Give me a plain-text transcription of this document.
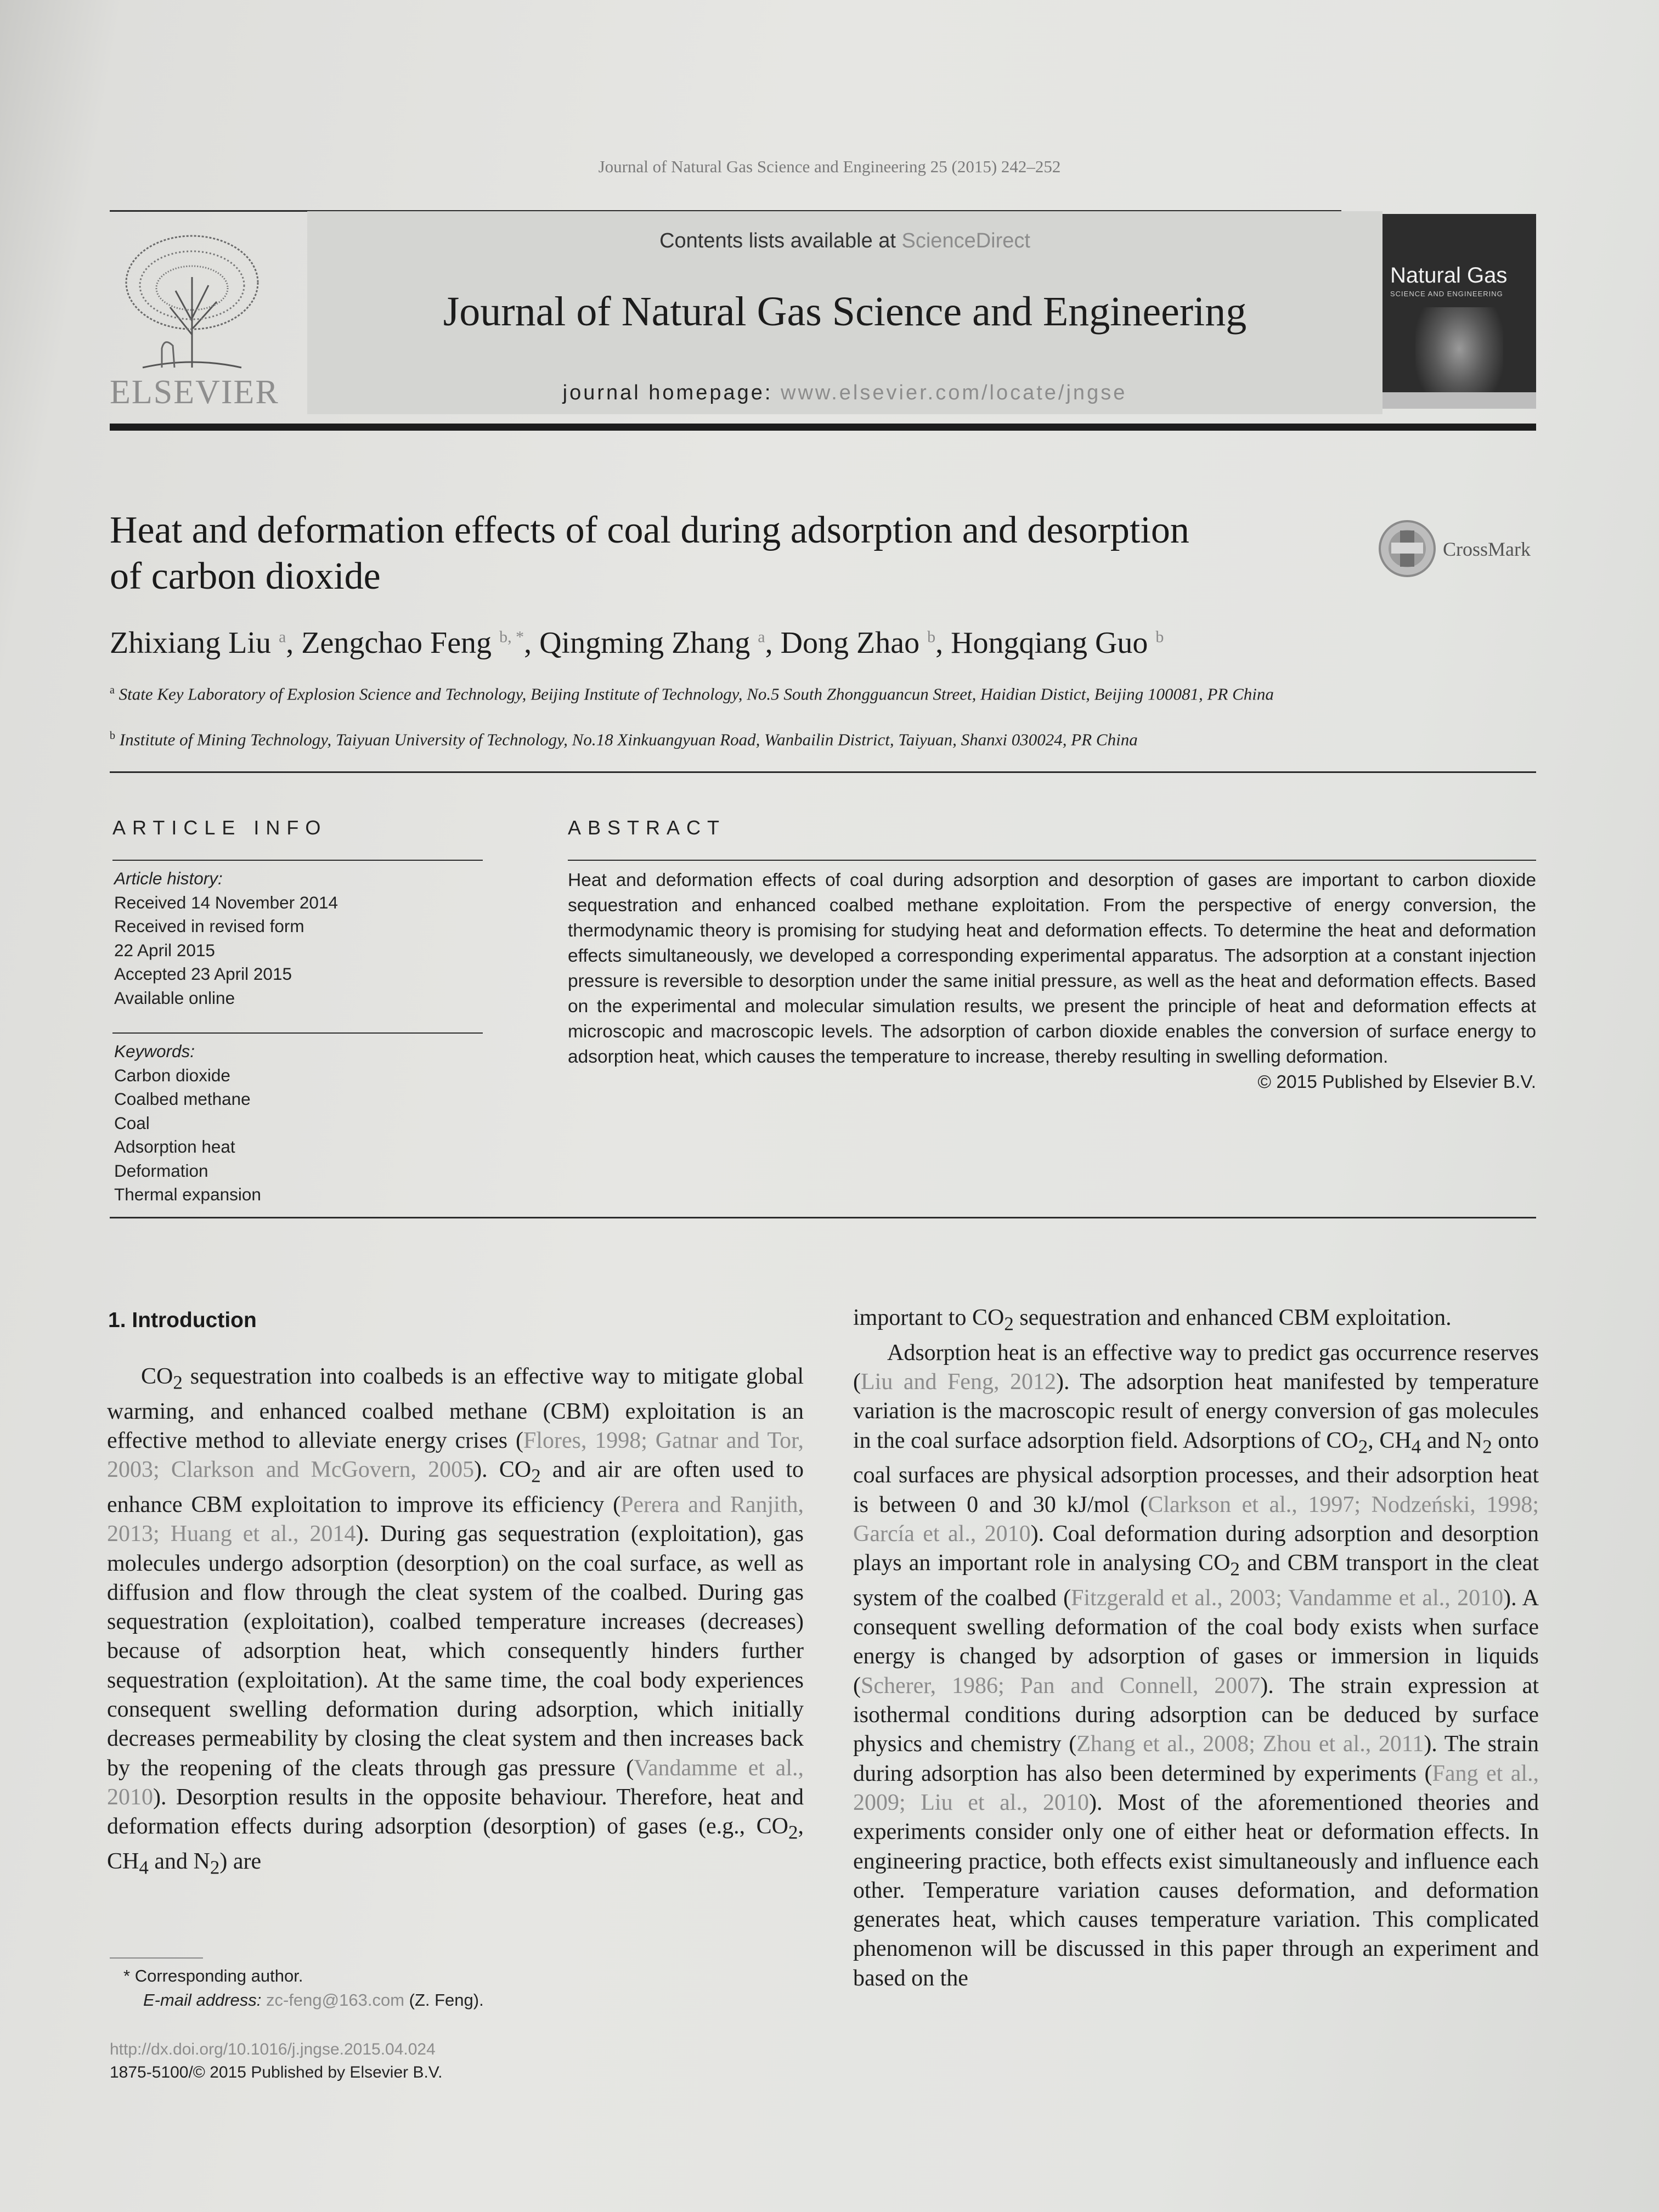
Journal of Natural Gas Science and Engineering 25 (2015) 242–252
ELSEVIER
Contents lists available at ScienceDirect
Journal of Natural Gas Science and Engineering
journal homepage: www.elsevier.com/locate/jngse
Natural Gas
SCIENCE AND ENGINEERING
Heat and deformation effects of coal during adsorption and desorption
of carbon dioxide
CrossMark
Zhixiang Liu $^a$, Zengchao Feng $^{b, *}$, Qingming Zhang $^a$, Dong Zhao $^b$, Hongqiang Guo $^b$
$^a$ State Key Laboratory of Explosion Science and Technology, Beijing Institute of Technology, No.5 South Zhongguancun Street, Haidian Distict, Beijing 100081, PR China
$^b$ Institute of Mining Technology, Taiyuan University of Technology, No.18 Xinkuangyuan Road, Wanbailin District, Taiyuan, Shanxi 030024, PR China
ARTICLE INFO
Article history:
Received 14 November 2014
Received in revised form
22 April 2015
Accepted 23 April 2015
Available online
Keywords:
Carbon dioxide
Coalbed methane
Coal
Adsorption heat
Deformation
Thermal expansion
ABSTRACT
Heat and deformation effects of coal during adsorption and desorption of gases are important to carbon dioxide sequestration and enhanced coalbed methane exploitation. From the perspective of energy conversion, the thermodynamic theory is promising for studying heat and deformation effects. To determine the heat and deformation effects simultaneously, we developed a corresponding experimental apparatus. The adsorption at a constant injection pressure is reversible to desorption under the same initial pressure, as well as the heat and deformation effects. Based on the experimental and molecular simulation results, we present the principle of heat and deformation effects at microscopic and macroscopic levels. The adsorption of carbon dioxide enables the conversion of surface energy to adsorption heat, which causes the temperature to increase, thereby resulting in swelling deformation.
© 2015 Published by Elsevier B.V.
1. Introduction

$CO_2$ sequestration into coalbeds is an effective way to mitigate global warming, and enhanced coalbed methane (CBM) exploitation is an effective method to alleviate energy crises (Flores, 1998; Gatnar and Tor, 2003; Clarkson and McGovern, 2005). $CO_2$ and air are often used to enhance CBM exploitation to improve its efficiency (Perera and Ranjith, 2013; Huang et al., 2014). During gas sequestration (exploitation), gas molecules undergo adsorption (desorption) on the coal surface, as well as diffusion and flow through the cleat system of the coalbed. During gas sequestration (exploitation), coalbed temperature increases (decreases) because of adsorption heat, which consequently hinders further sequestration (exploitation). At the same time, the coal body experiences consequent swelling deformation during adsorption, which initially decreases permeability by closing the cleat system and then increases back by the reopening of the cleats through gas pressure (Vandamme et al., 2010). Desorption results in the opposite behaviour. Therefore, heat and deformation effects during adsorption (desorption) of gases (e.g., $CO_2$, $CH_4$ and $N_2$) are

important to $CO_2$ sequestration and enhanced CBM exploitation.

Adsorption heat is an effective way to predict gas occurrence reserves (Liu and Feng, 2012). The adsorption heat manifested by temperature variation is the macroscopic result of energy conversion of gas molecules in the coal surface adsorption field. Adsorptions of $CO_2$, $CH_4$ and $N_2$ onto coal surfaces are physical adsorption processes, and their adsorption heat is between 0 and 30 kJ/mol (Clarkson et al., 1997; Nodzeński, 1998; García et al., 2010). Coal deformation during adsorption and desorption plays an important role in analysing $CO_2$ and CBM transport in the cleat system of the coalbed (Fitzgerald et al., 2003; Vandamme et al., 2010). A consequent swelling deformation of the coal body exists when surface energy is changed by adsorption of gases or immersion in liquids (Scherer, 1986; Pan and Connell, 2007). The strain expression at isothermal conditions during adsorption can be deduced by surface physics and chemistry (Zhang et al., 2008; Zhou et al., 2011). The strain during adsorption has also been determined by experiments (Fang et al., 2009; Liu et al., 2010). Most of the aforementioned theories and experiments consider only one of either heat or deformation effects. In engineering practice, both effects exist simultaneously and influence each other. Temperature variation causes deformation, and deformation generates heat, which causes temperature variation. This complicated phenomenon will be discussed in this paper through an experiment and based on the

* Corresponding author.
E-mail address: zc-feng@163.com (Z. Feng).
http://dx.doi.org/10.1016/j.jngse.2015.04.024
1875-5100/© 2015 Published by Elsevier B.V.
